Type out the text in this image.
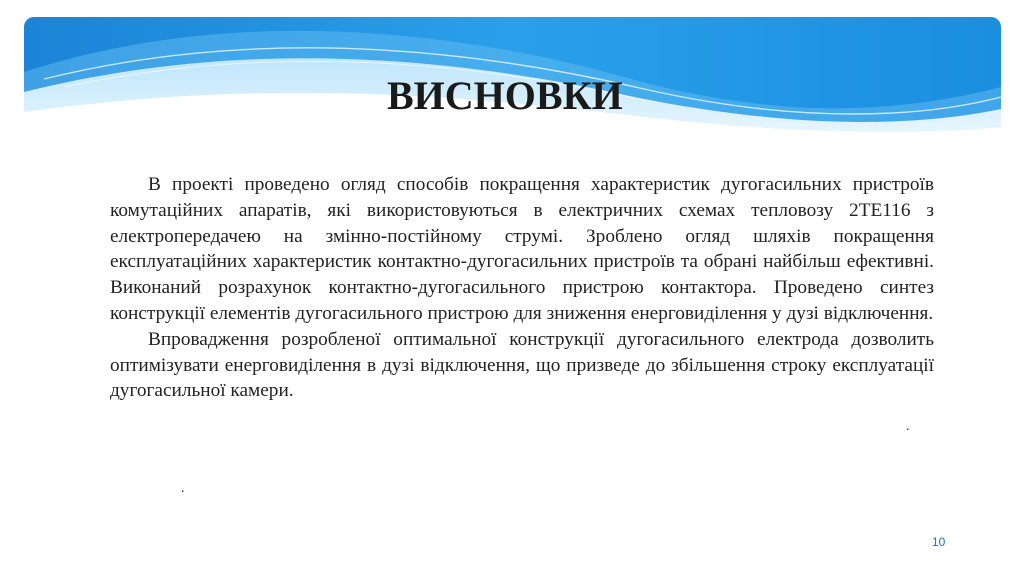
ВИСНОВКИ

В проекті проведено огляд способів покращення характеристик дугогасильних пристроїв комутаційних апаратів, які використовуються в електричних схемах тепловозу 2ТЕ116 з електропередачею на змінно-постійному струмі. Зроблено огляд шляхів покращення експлуатаційних характеристик контактно-дугогасильних пристроїв та обрані найбільш ефективні. Виконаний розрахунок контактно-дугогасильного пристрою контактора. Проведено синтез конструкції елементів дугогасильного пристрою для зниження енерговиділення у дузі відключення.

Впровадження розробленої оптимальної конструкції дугогасильного електрода дозволить оптимізувати енерговиділення в дузі відключення, що призведе до збільшення строку експлуатації дугогасильної камери.

.
.
10
